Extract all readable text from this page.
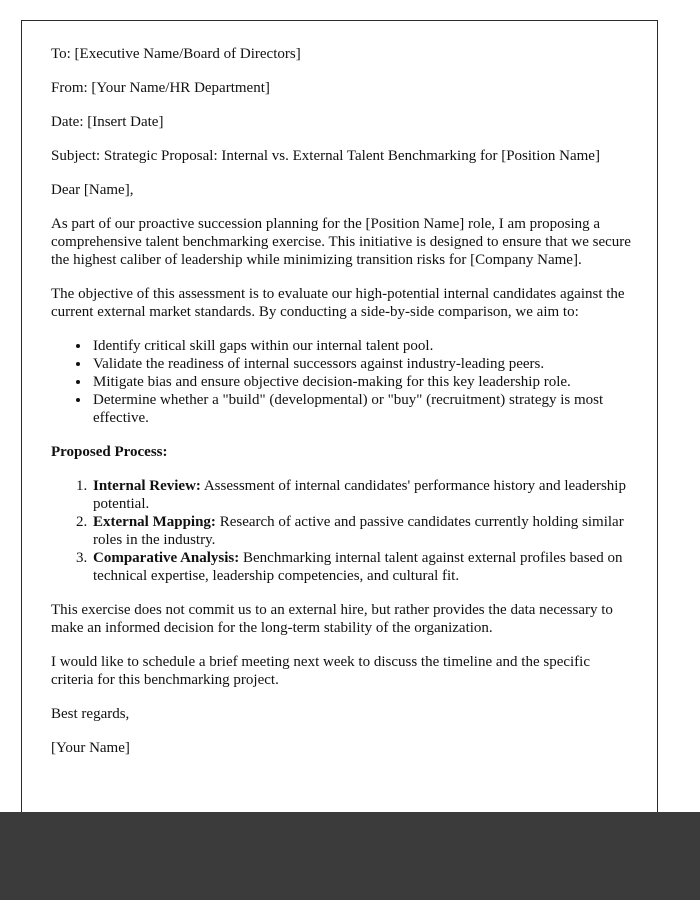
To: [Executive Name/Board of Directors]

From: [Your Name/HR Department]

Date: [Insert Date]

Subject: Strategic Proposal: Internal vs. External Talent Benchmarking for [Position Name]

Dear [Name],

As part of our proactive succession planning for the [Position Name] role, I am proposing a comprehensive talent benchmarking exercise. This initiative is designed to ensure that we secure the highest caliber of leadership while minimizing transition risks for [Company Name].

The objective of this assessment is to evaluate our high-potential internal candidates against the current external market standards. By conducting a side-by-side comparison, we aim to:

• Identify critical skill gaps within our internal talent pool.
• Validate the readiness of internal successors against industry-leading peers.
• Mitigate bias and ensure objective decision-making for this key leadership role.
• Determine whether a "build" (developmental) or "buy" (recruitment) strategy is most effective.

Proposed Process:

1. Internal Review: Assessment of internal candidates' performance history and leadership potential.
2. External Mapping: Research of active and passive candidates currently holding similar roles in the industry.
3. Comparative Analysis: Benchmarking internal talent against external profiles based on technical expertise, leadership competencies, and cultural fit.

This exercise does not commit us to an external hire, but rather provides the data necessary to make an informed decision for the long-term stability of the organization.

I would like to schedule a brief meeting next week to discuss the timeline and the specific criteria for this benchmarking project.

Best regards,

[Your Name]
